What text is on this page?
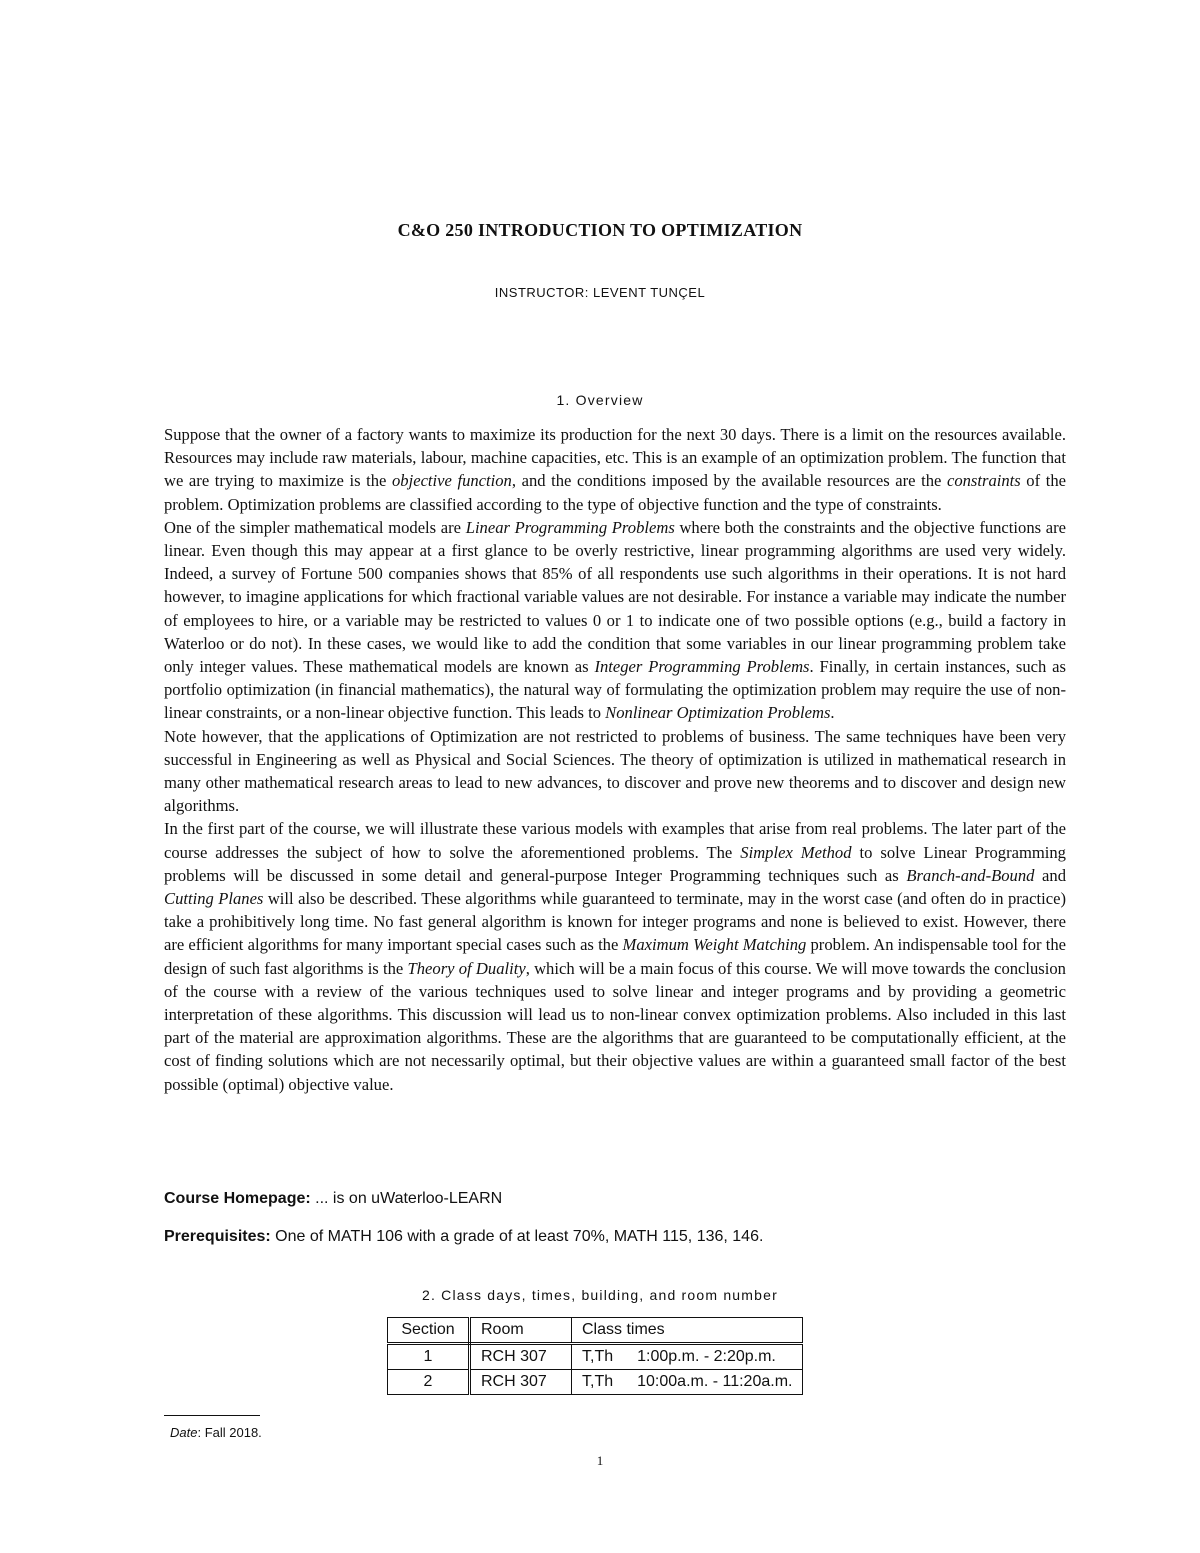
C&O 250 INTRODUCTION TO OPTIMIZATION
INSTRUCTOR: LEVENT TUNÇEL
1. Overview

Suppose that the owner of a factory wants to maximize its production for the next 30 days. There is a limit on the resources available. Resources may include raw materials, labour, machine capacities, etc. This is an example of an optimization problem. The function that we are trying to maximize is the objective function, and the conditions imposed by the available resources are the constraints of the problem. Optimization problems are classified according to the type of objective function and the type of constraints.

One of the simpler mathematical models are Linear Programming Problems where both the constraints and the objective functions are linear. Even though this may appear at a first glance to be overly restrictive, linear programming algorithms are used very widely. Indeed, a survey of Fortune 500 companies shows that 85% of all respondents use such algorithms in their operations. It is not hard however, to imagine applications for which fractional variable values are not desirable. For instance a variable may indicate the number of employees to hire, or a variable may be restricted to values 0 or 1 to indicate one of two possible options (e.g., build a factory in Waterloo or do not). In these cases, we would like to add the condition that some variables in our linear programming problem take only integer values. These mathematical models are known as Integer Programming Problems. Finally, in certain instances, such as portfolio optimization (in financial mathematics), the natural way of formulating the optimization problem may require the use of non-linear constraints, or a non-linear objective function. This leads to Nonlinear Optimization Problems.

Note however, that the applications of Optimization are not restricted to problems of business. The same techniques have been very successful in Engineering as well as Physical and Social Sciences. The theory of optimization is utilized in mathematical research in many other mathematical research areas to lead to new advances, to discover and prove new theorems and to discover and design new algorithms.

In the first part of the course, we will illustrate these various models with examples that arise from real problems. The later part of the course addresses the subject of how to solve the aforementioned problems. The Simplex Method to solve Linear Programming problems will be discussed in some detail and general-purpose Integer Programming techniques such as Branch-and-Bound and Cutting Planes will also be described. These algorithms while guaranteed to terminate, may in the worst case (and often do in practice) take a prohibitively long time. No fast general algorithm is known for integer programs and none is believed to exist. However, there are efficient algorithms for many important special cases such as the Maximum Weight Matching problem. An indispensable tool for the design of such fast algorithms is the Theory of Duality, which will be a main focus of this course. We will move towards the conclusion of the course with a review of the various techniques used to solve linear and integer programs and by providing a geometric interpretation of these algorithms. This discussion will lead us to non-linear convex optimization problems. Also included in this last part of the material are approximation algorithms. These are the algorithms that are guaranteed to be computationally efficient, at the cost of finding solutions which are not necessarily optimal, but their objective values are within a guaranteed small factor of the best possible (optimal) objective value.

Course Homepage: ... is on uWaterloo-LEARN
Prerequisites: One of MATH 106 with a grade of at least 70%, MATH 115, 136, 146.
2. Class days, times, building, and room number
Section	Room	Class times
1	RCH 307	T,Th 1:00p.m. - 2:20p.m.
2	RCH 307	T,Th 10:00a.m. - 11:20a.m.
Date: Fall 2018.
1
